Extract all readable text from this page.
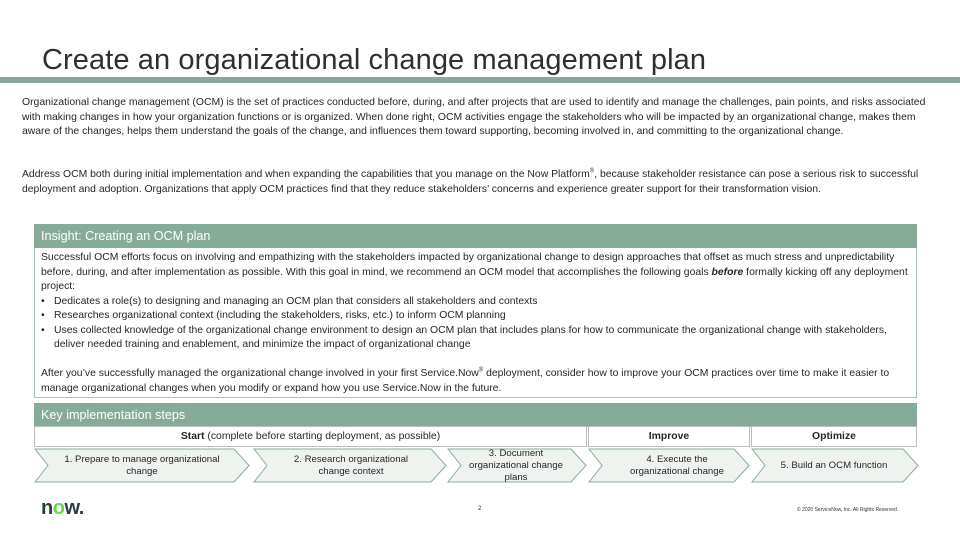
Create an organizational change management plan

Organizational change management (OCM) is the set of practices conducted before, during, and after projects that are used to identify and manage the challenges, pain points, and risks associated with making changes in how your organization functions or is organized. When done right, OCM activities engage the stakeholders who will be impacted by an organizational change, makes them aware of the changes, helps them understand the goals of the change, and influences them toward supporting, becoming involved in, and committing to the organizational change.

Address OCM both during initial implementation and when expanding the capabilities that you manage on the Now Platform®, because stakeholder resistance can pose a serious risk to successful deployment and adoption. Organizations that apply OCM practices find that they reduce stakeholders’ concerns and experience greater support for their transformation vision.

Insight: Creating an OCM plan
Successful OCM efforts focus on involving and empathizing with the stakeholders impacted by organizational change to design approaches that offset as much stress and unpredictability before, during, and after implementation as possible. With this goal in mind, we recommend an OCM model that accomplishes the following goals before formally kicking off any deployment project:
• Dedicates a role(s) to designing and managing an OCM plan that considers all stakeholders and contexts
• Researches organizational context (including the stakeholders, risks, etc.) to inform OCM planning
• Uses collected knowledge of the organizational change environment to design an OCM plan that includes plans for how to communicate the organizational change with stakeholders, deliver needed training and enablement, and minimize the impact of organizational change
After you’ve successfully managed the organizational change involved in your first Service.Now® deployment, consider how to improve your OCM practices over time to make it easier to manage organizational changes when you modify or expand how you use Service.Now in the future.
Key implementation steps
Start (complete before starting deployment, as possible)	Improve	Optimize
1. Prepare to manage organizational change
2. Research organizational change context
3. Document organizational change plans
4. Execute the organizational change
5. Build an OCM function
now.	2	© 2020 ServiceNow, Inc. All Rights Reserved.
